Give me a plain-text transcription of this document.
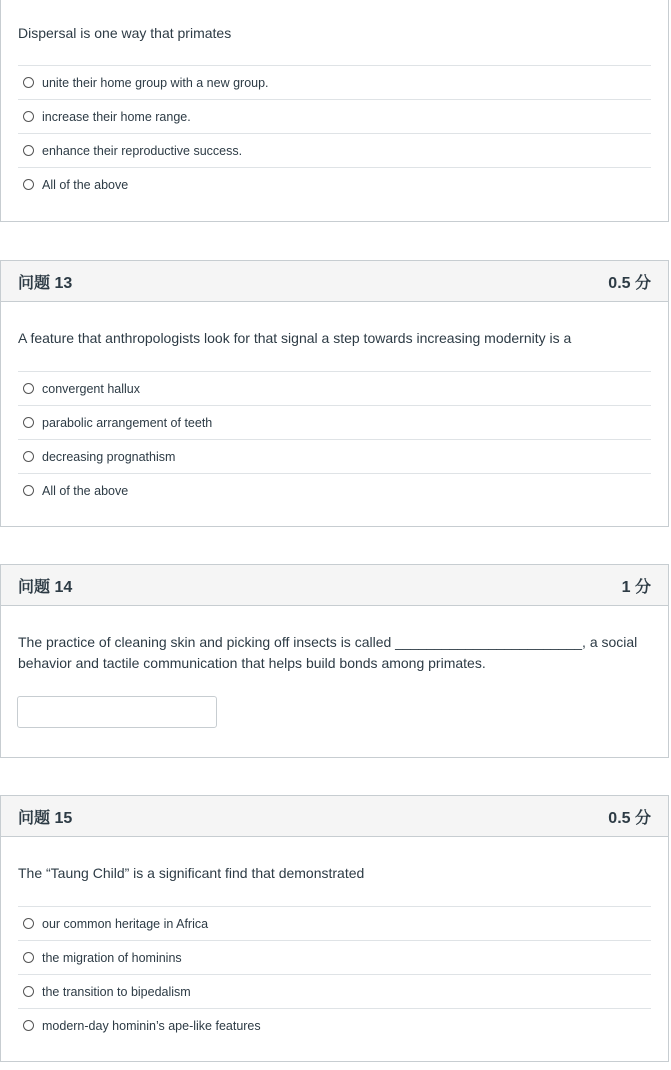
Dispersal is one way that primates
unite their home group with a new group.
increase their home range.
enhance their reproductive success.
All of the above
问题 13	0.5 分
A feature that anthropologists look for that signal a step towards increasing modernity is a
convergent hallux
parabolic arrangement of teeth
decreasing prognathism
All of the above
问题 14	1 分
The practice of cleaning skin and picking off insects is called ________________________, a social
behavior and tactile communication that helps build bonds among primates.
问题 15	0.5 分
The “Taung Child” is a significant find that demonstrated
our common heritage in Africa
the migration of hominins
the transition to bipedalism
modern-day hominin’s ape-like features
